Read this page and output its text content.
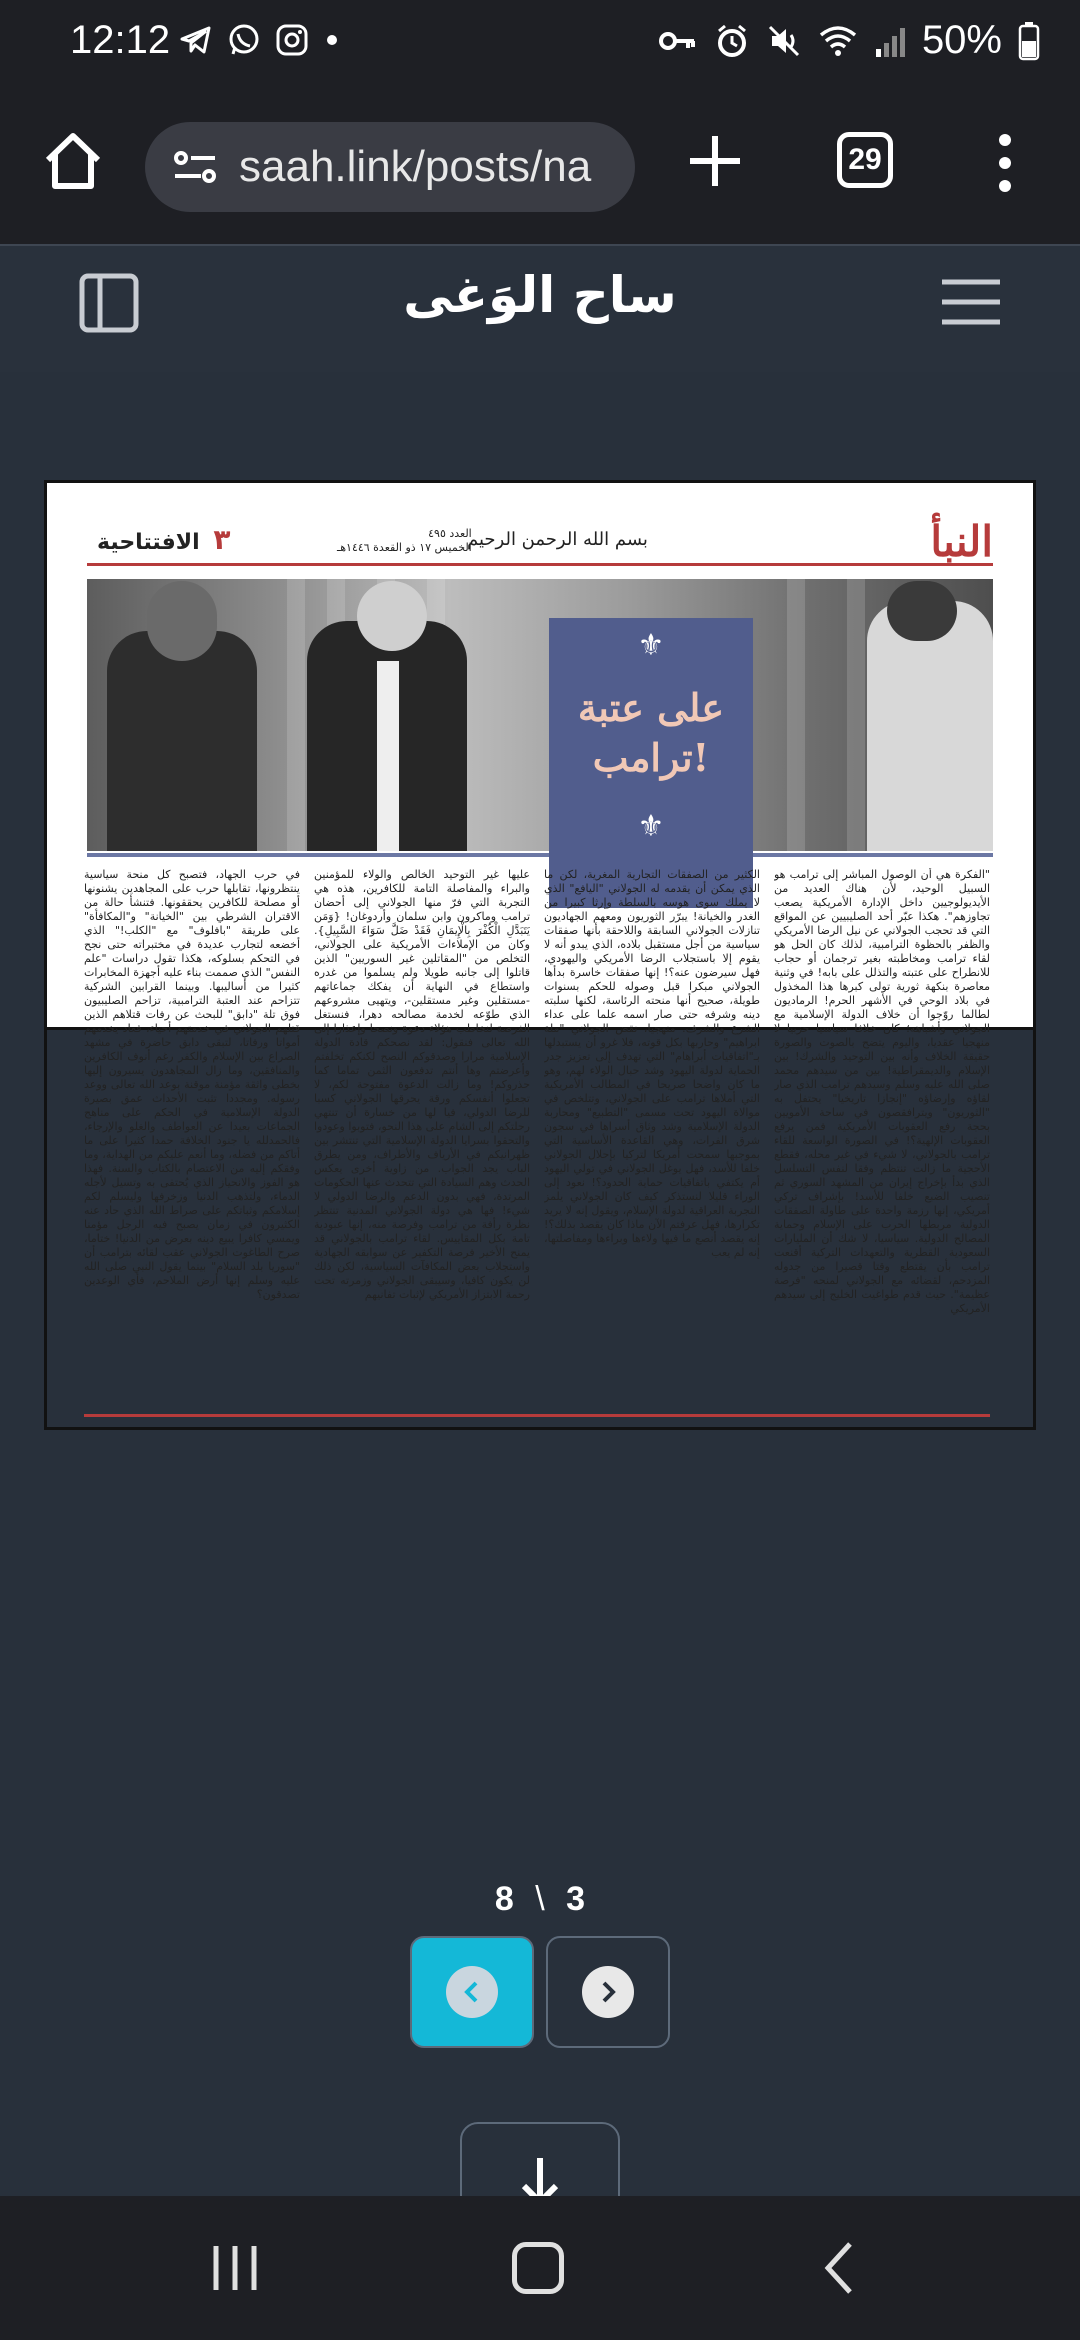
12:12	50%
saah.link/posts/na	29
ساح الوَغى
النبأ
بسم الله الرحمن الرحيم
العدد ٤٩٥
الخميس ١٧ ذو القعدة ١٤٤٦هـ
٣ الافتتاحية
⚜
على عتبة ترامب!
⚜
"الفكرة هي أن الوصول المباشر إلى ترامب هو السبيل الوحيد، لأن هناك العديد من الأيديولوجيين داخل الإدارة الأمريكية يصعب تجاوزهم". هكذا عبّر أحد الصليبيين عن المواقع التي قد تحجب الجولاني عن نيل الرضا الأمريكي والظفر بالحظوة الترامبية، لذلك كان الحل هو لقاء ترامب ومخاطبته بغير ترجمان أو حجاب للانطراح على عتبته والتذلل على بابه! في وثنية معاصرة بنكهة ثورية تولى كبرها هذا المخذول في بلاد الوحي في الأشهر الحرم! الرماديون لطالما روّجوا أن خلاف الدولة الإسلامية مع الجولاني وأشباهه؛ كان خلافا سياسيا حزبيا لا منهجيا عقديا، واليوم يتضح بالصوت والصورة حقيقة الخلاف وأنه بين التوحيد والشرك! بين الإسلام والديمقراطية! بين من سيدهم محمد صلى الله عليه وسلم وسيدهم ترامب الذي صار لقاؤه وإرضاؤه "إنجازا تاريخيا" يحتفل به "الثوريون" ويترافقصون في ساحة الأمويين بحجة رفع العقوبات الأمريكية فمن يرفع العقوبات الإلهية؟! في الصورة الواسعة للقاء ترامب بالجولاني، لا شيء في غير محله، فقطع الأحجية ما زالت تنتظم وفقا لنفس التسلسل الذي بدأ بإخراج إيران من المشهد السوري ثم تنصيب الضبع خلفا للأسد! بإشراف تركي أمريكي، إنها رزمة واحدة على طاولة الصفقات الدولية مربطها الحرب على الإسلام وحماية المصالح الدولية. سياسيا، لا شك أن المليارات السعودية القطرية والتعهدات التركية أقنعت ترامب بأن يقتطع وقتا قصيرا من جدوله المزدحم، لقضائه مع الجولاني لمنحه "فرصة عظيمة". حيث قدم طواغيت الخليج إلى سيدهم الأمريكي
الكثير من الصفقات التجارية المغرية، لكن ما الذي يمكن أن يقدمه له الجولاني "اليافع" الذي لا يملك سوى هوسه بالسلطة وإرثا كبيرا من الغدر والخيانة! يبرّر الثوريون ومعهم الجهاديون تنازلات الجولاني السابقة واللاحقة بأنها صفقات سياسية من أجل مستقبل بلاده، الذي يبدو أنه لا يقوم إلا باستجلاب الرضا الأمريكي واليهودي، فهل سيرضون عنه؟! إنها صفقات خاسرة بدأها الجولاني مبكرا قبل وصوله للحكم بسنوات طويلة، صحيح أنها منحته الرئاسة، لكنها سلبته دينه وشرفه حتى صار اسمه علما على عداء الشرع والشرف. منهجيا، نقض الجولاني "ملة ابراهيم" وحاربها بكل قوته، فلا غرو أن يستبدلها بـ"اتفاقيات أبراهام" التي تهدف إلى تعزيز جدر الحماية لدولة اليهود وشد حبال الولاء لهم، وهو ما كان واضحا صريحا في المطالب الأمريكية التي أملاها ترامب على الجولاني، وتتلخص في موالاة اليهود تحت مسمى "التطبيع" ومحاربة الدولة الإسلامية وشد وثاق أسراها في سجون شرق الفرات، وهي القاعدة الأساسية التي بموجبها سمحت أمريكا لتركيا بإحلال الجولاني خلفا للأسد، فهل يوغل الجولاني في تولي اليهود أم يكتفي باتفاقيات حماية الحدود؟! نعود إلى الوراء قليلا لنستذكر كيف كان الجولاني يلمز التجربة العراقية لدولة الإسلام، ويقول إنه لا يريد تكرارها، فهل عرفتم الآن ماذا كان يقصد بذلك؟! إنه يقصد أنصع ما فيها ولاءها وبراءها ومفاصلتها، إنه لم يعب
عليها غير التوحيد الخالص والولاء للمؤمنين والبراء والمفاصلة التامة للكافرين، هذه هي التجربة التي فرّ منها الجولاني إلى أحضان ترامب وماكرون وابن سلمان وأردوغان! {وَمَن يَتَبَدَّلِ الْكُفْرَ بِالْإِيمَانِ فَقَدْ ضَلَّ سَوَاءَ السَّبِيلِ}. وكان من الإملاءات الأمريكية على الجولاني، التخلص من "المقاتلين غير السوريين" الذين قاتلوا إلى جانبه طويلا ولم يسلموا من غدره واستطاع في النهاية أن يفكك جماعاتهم -مستقلين وغير مستقلين-، ويتهيى مشروعهم الذي طوّعه لخدمة مصالحه دهرا، فنستغل الفرصة لنخاطب هؤلاء دعوة ونصحا وإعذارا إلى الله تعالى فنقول: لقد نصحكم قادة الدولة الإسلامية مرارا وصدقوكم النصح لكنكم تخلفتم وأعرضتم وها أنتم تدفعون الثمن تماما كما حذروكم! وما زالت الدعوة مفتوحة لكم، لا تجعلوا أنفسكم ورقة يحرقها الجولاني كسبا للرضا الدولي، فيا لها من خسارة أن تنتهي رحلتكم إلى الشام على هذا النحو، فتوبوا وعودوا والتحقوا بسرايا الدولة الإسلامية التي تنتشر بين ظهرانيكم في الأرياف والأطراف، ومن يطرق الباب يجد الجواب. من زاوية أخرى يعكس الحدث وهم السيادة التي تتحدث عنها الحكومات المرتدة، فهي بدون الدعم والرضا الدولي لا شيء! فها هي دولة الجولاني المدنية تنتظر نظرة رأفة من ترامب وفرصة منه، إنها عبودية تامة بكل المقاييس. لقاء ترامب بالجولاني قد يمنح الأخير فرصة التكفير عن سوابقه الجهادية واستجلاب بعض المكافآت السياسية، لكن ذلك لن يكون كافيا، وسيبقى الجولاني وزمرته تحت رحمة الابتزاز الأمريكي لإثبات تفانيهم
في حرب الجهاد، فتصبح كل منحة سياسية ينتظرونها، تقابلها حرب على المجاهدين يشنونها أو مصلحة للكافرين يحققونها. فتنشأ حالة من الاقتران الشرطي بين "الخيانة" و"المكافأة" على طريقة "بافلوف" مع "الكلب!" الذي أخضعه لتجارب عديدة في مختبراته حتى نجح في التحكم بسلوكه، هكذا تقول دراسات "علم النفس" الذي صممت بناء عليه أجهزة المخابرات كثيرا من أساليبها. وبينما القرابين الشركية تتزاحم عند العتبة الترامبية، تزاحم الصليبيون فوق تلة "دابق" للبحث عن رفات قتلاهم الذين قتلهم الجولاني في خدمتهم أحياء، فعاد يخدمهم أمواتا ورفاتا، لتبقى دابق حاضرة في مشهد الصراع بين الإسلام والكفر رغم أنوف الكافرين والمنافقين، وما زال المجاهدون يسيرون إليها بخطى واثقة مؤمنة موقنة بوعد الله تعالى ووعد رسوله. ومجددا تثبت الأحداث عمق بصيرة الدولة الإسلامية في الحكم على مناهج الجماعات بعيدا عن العواطف والغلو والإرجاء، فالحمدلله يا جنود الخلافة حمدا كثيرا على ما أتاكم من فضله، وما أنعم عليكم من الهداية، وما وفقكم إليه من الاعتصام بالكتاب والسنة. فهذا هو الفوز والانحياز الذي يُحتفى به وتسيل لأجله الدماء، ولتذهب الدنيا وزخرفها وليسلم لكم إسلامكم وثباتكم على صراط الله الذي حاد عنه الكثيرون في زمان يصبح فيه الرجل مؤمنا ويمسي كافرا يبيع دينه بعرض من الدنيا! ختاما، صرح الطاغوت الجولاني عقب لقائه بترامب أن "سوريا بلد السلام" بينما يقول النبي صلى الله عليه وسلم إنها أرض الملاحم، فأي الوعدين تصدقون؟
8 \ 3
